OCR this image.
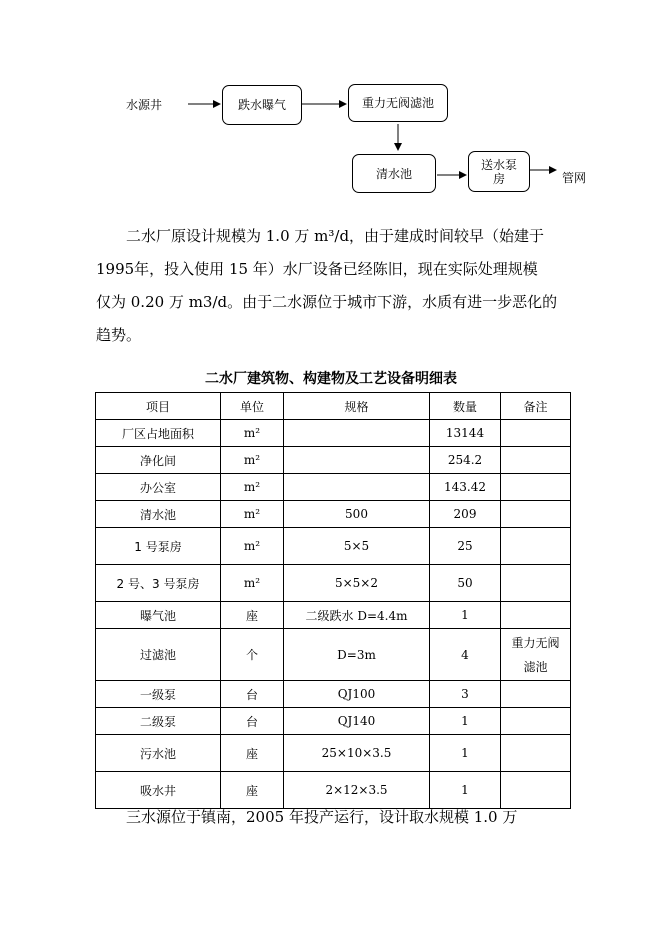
水源井	跌水曝气	重力无阀滤池
清水池
送水泵房	管网

二水厂原设计规模为 1.0 万 m³/d，由于建成时间较早（始建于

1995年，投入使用 15 年）水厂设备已经陈旧，现在实际处理规模

仅为 0.20 万 m3/d。由于二水源位于城市下游，水质有进一步恶化的

趋势。

二水厂建筑物、构建物及工艺设备明细表
项目	单位	规格	数量	备注
厂区占地面积	m²		13144	
净化间	m²		254.2	
办公室	m²		143.42	
清水池	m²	500	209	
1 号泵房	m²	5×5	25	
2 号、3 号泵房	m²	5×5×2	50	
曝气池	座	二级跌水 D=4.4m	1	
过滤池	个	D=3m	4	重力无阀滤池
一级泵	台	QJ100	3	
二级泵	台	QJ140	1	
污水池	座	25×10×3.5	1	
吸水井	座	2×12×3.5	1	
三水源位于镇南，2005 年投产运行，设计取水规模 1.0 万
